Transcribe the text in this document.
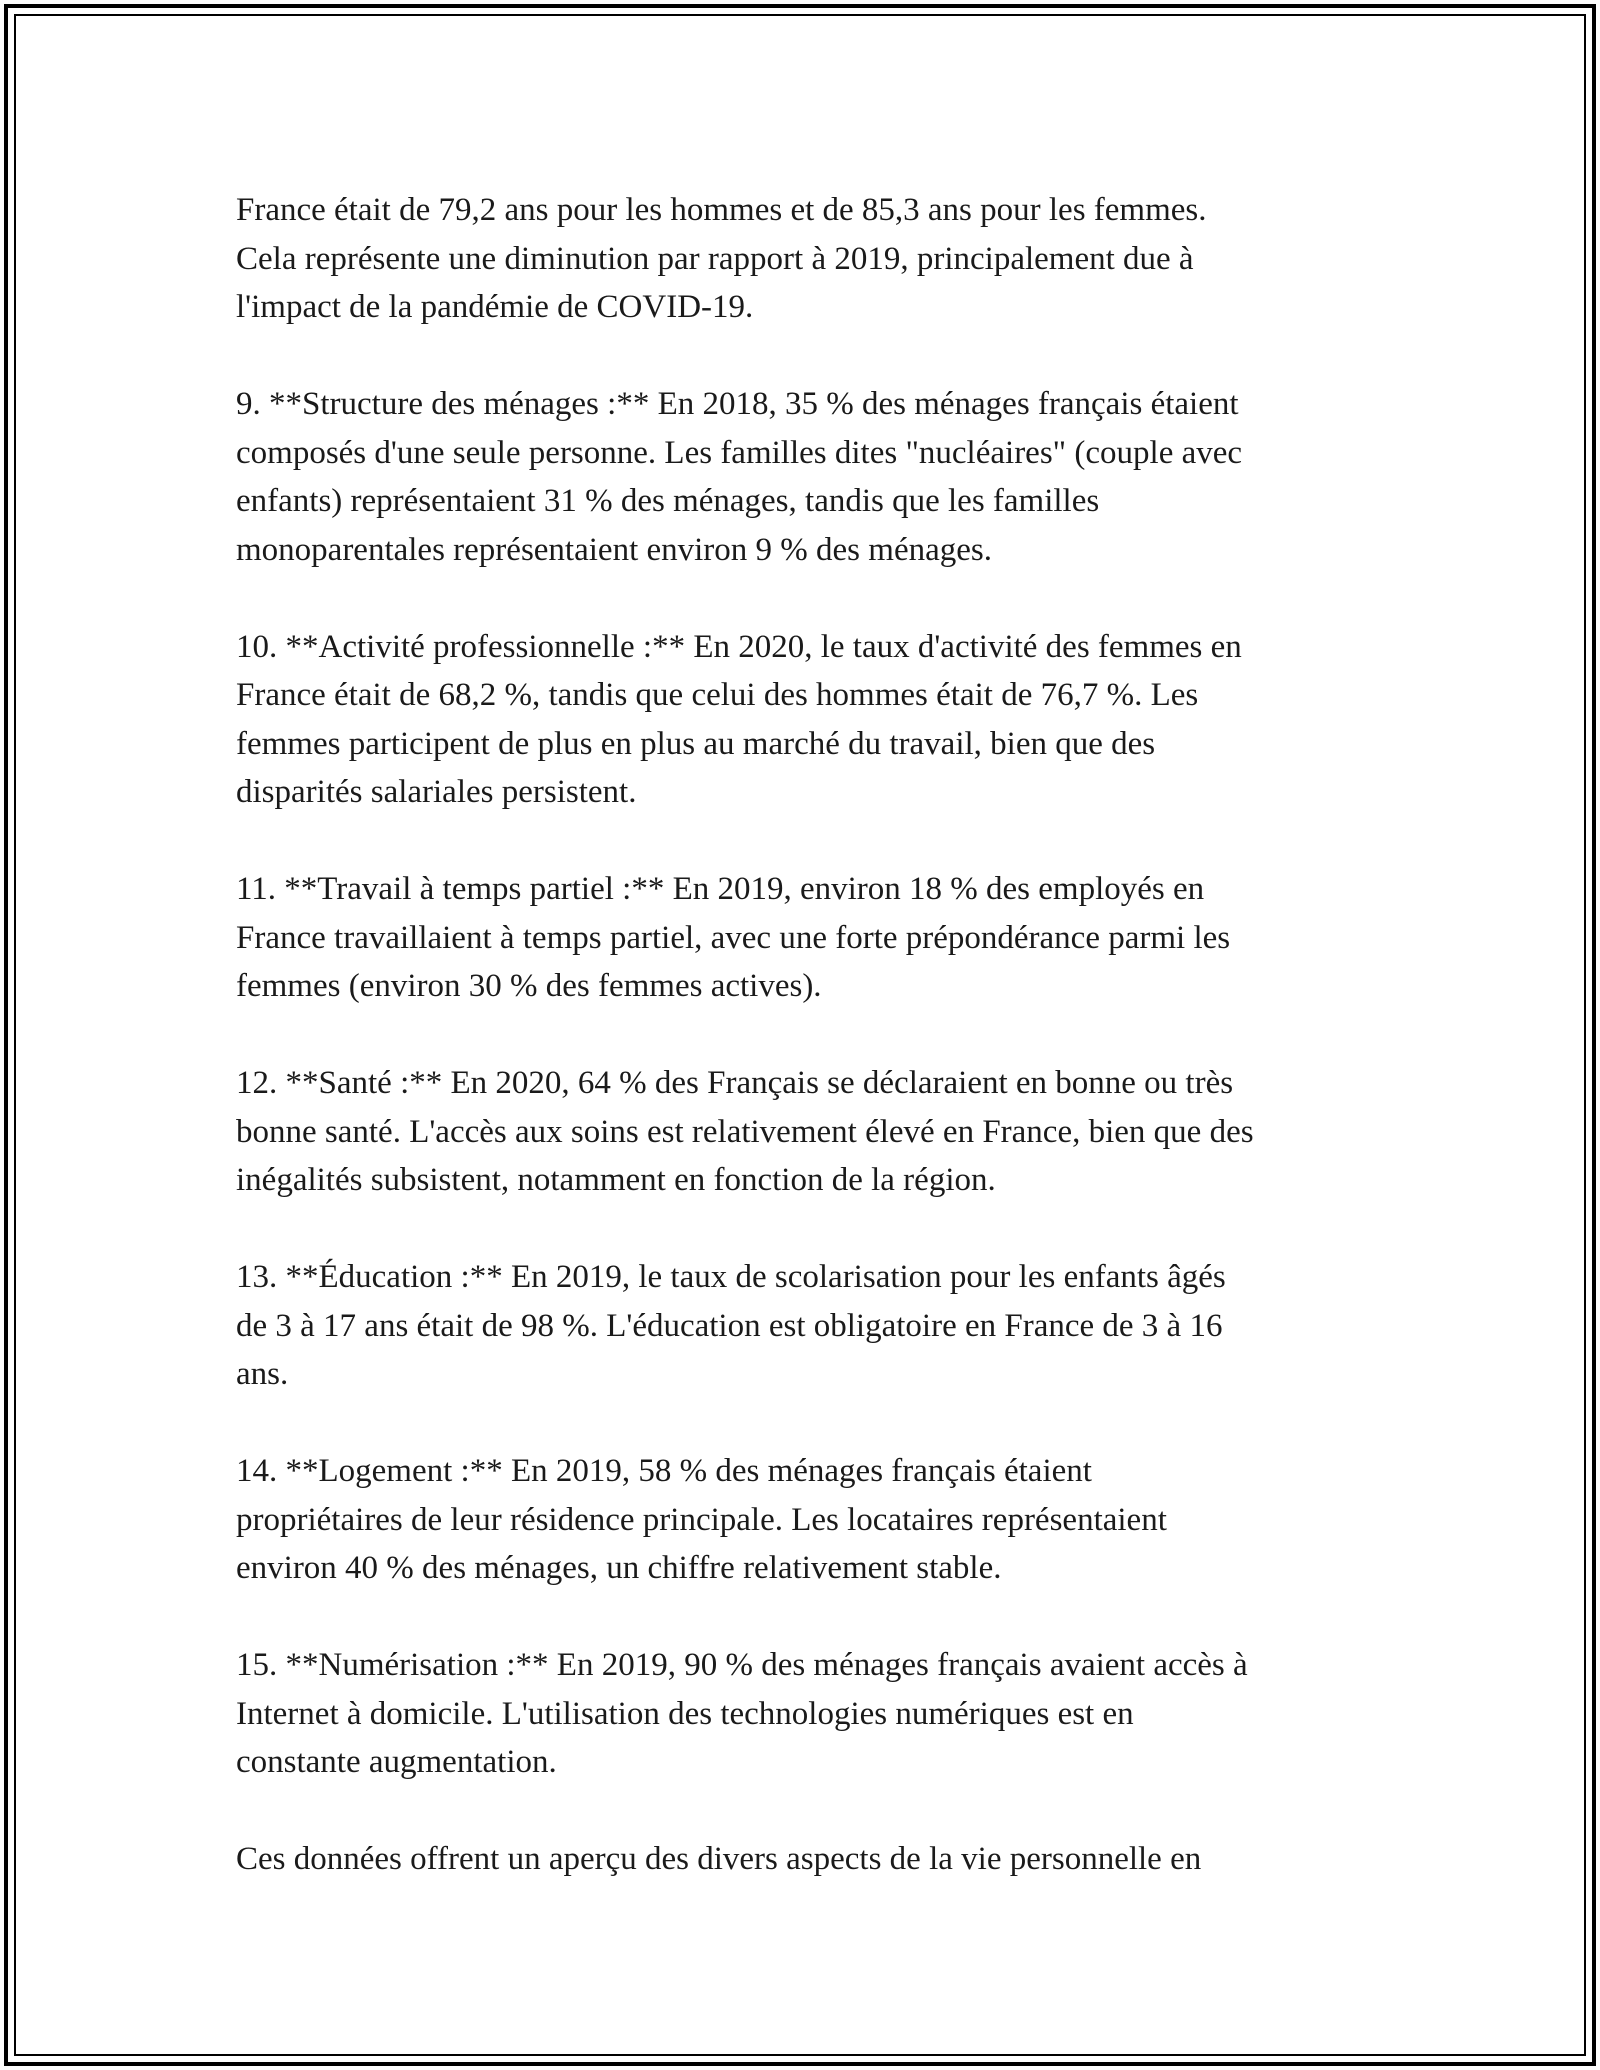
France était de 79,2 ans pour les hommes et de 85,3 ans pour les femmes.
Cela représente une diminution par rapport à 2019, principalement due à
l'impact de la pandémie de COVID-19.

9. **Structure des ménages :** En 2018, 35 % des ménages français étaient
composés d'une seule personne. Les familles dites "nucléaires" (couple avec
enfants) représentaient 31 % des ménages, tandis que les familles
monoparentales représentaient environ 9 % des ménages.

10. **Activité professionnelle :** En 2020, le taux d'activité des femmes en
France était de 68,2 %, tandis que celui des hommes était de 76,7 %. Les
femmes participent de plus en plus au marché du travail, bien que des
disparités salariales persistent.

11. **Travail à temps partiel :** En 2019, environ 18 % des employés en
France travaillaient à temps partiel, avec une forte prépondérance parmi les
femmes (environ 30 % des femmes actives).

12. **Santé :** En 2020, 64 % des Français se déclaraient en bonne ou très
bonne santé. L'accès aux soins est relativement élevé en France, bien que des
inégalités subsistent, notamment en fonction de la région.

13. **Éducation :** En 2019, le taux de scolarisation pour les enfants âgés
de 3 à 17 ans était de 98 %. L'éducation est obligatoire en France de 3 à 16
ans.

14. **Logement :** En 2019, 58 % des ménages français étaient
propriétaires de leur résidence principale. Les locataires représentaient
environ 40 % des ménages, un chiffre relativement stable.

15. **Numérisation :** En 2019, 90 % des ménages français avaient accès à
Internet à domicile. L'utilisation des technologies numériques est en
constante augmentation.

Ces données offrent un aperçu des divers aspects de la vie personnelle en
